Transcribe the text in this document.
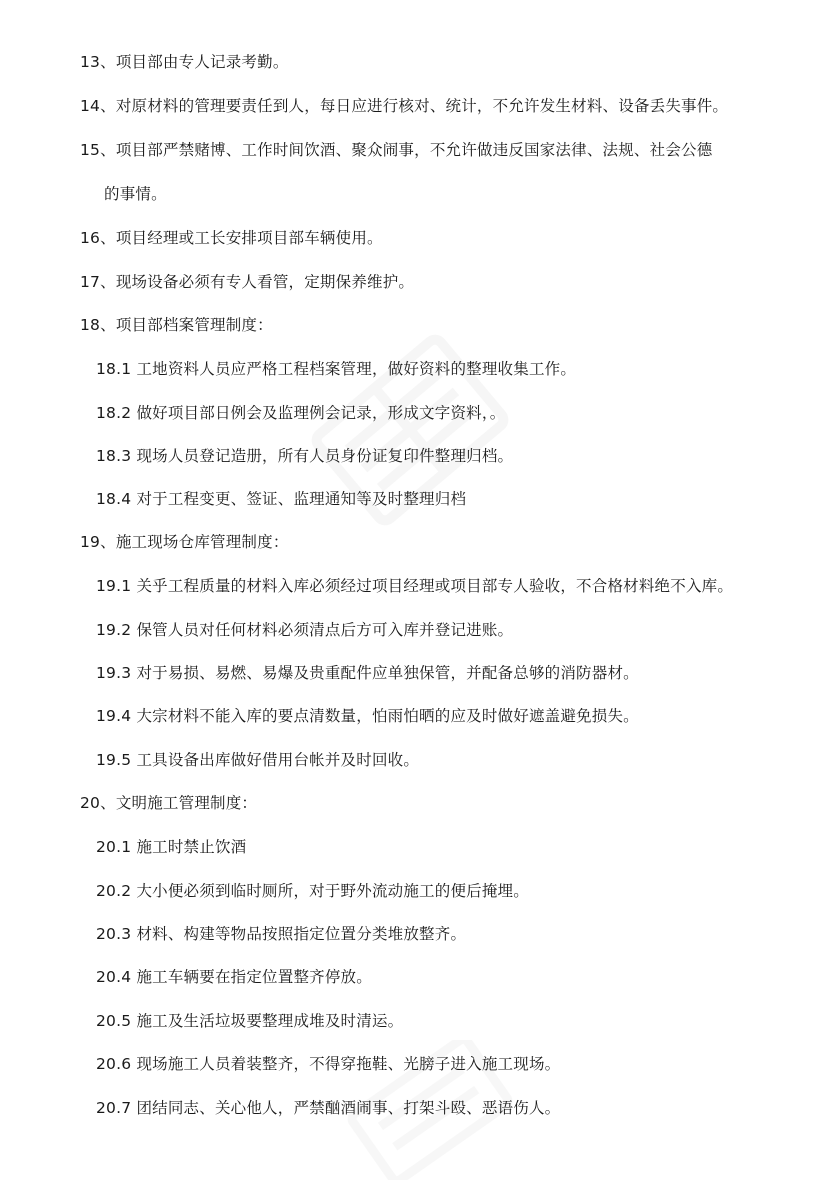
13、项目部由专人记录考勤。
14、对原材料的管理要责任到人，每日应进行核对、统计，不允许发生材料、设备丢失事件。
15、项目部严禁赌博、工作时间饮酒、聚众闹事，不允许做违反国家法律、法规、社会公德
的事情。
16、项目经理或工长安排项目部车辆使用。
17、现场设备必须有专人看管，定期保养维护。
18、项目部档案管理制度：
18.1 工地资料人员应严格工程档案管理，做好资料的整理收集工作。
18.2 做好项目部日例会及监理例会记录，形成文字资料，。
18.3 现场人员登记造册，所有人员身份证复印件整理归档。
18.4 对于工程变更、签证、监理通知等及时整理归档
19、施工现场仓库管理制度：
19.1 关乎工程质量的材料入库必须经过项目经理或项目部专人验收，不合格材料绝不入库。
19.2 保管人员对任何材料必须清点后方可入库并登记进账。
19.3 对于易损、易燃、易爆及贵重配件应单独保管，并配备总够的消防器材。
19.4 大宗材料不能入库的要点清数量，怕雨怕晒的应及时做好遮盖避免损失。
19.5 工具设备出库做好借用台帐并及时回收。
20、文明施工管理制度：
20.1 施工时禁止饮酒
20.2 大小便必须到临时厕所，对于野外流动施工的便后掩埋。
20.3 材料、构建等物品按照指定位置分类堆放整齐。
20.4 施工车辆要在指定位置整齐停放。
20.5 施工及生活垃圾要整理成堆及时清运。
20.6 现场施工人员着装整齐，不得穿拖鞋、光膀子进入施工现场。
20.7 团结同志、关心他人，严禁酗酒闹事、打架斗殴、恶语伤人。
